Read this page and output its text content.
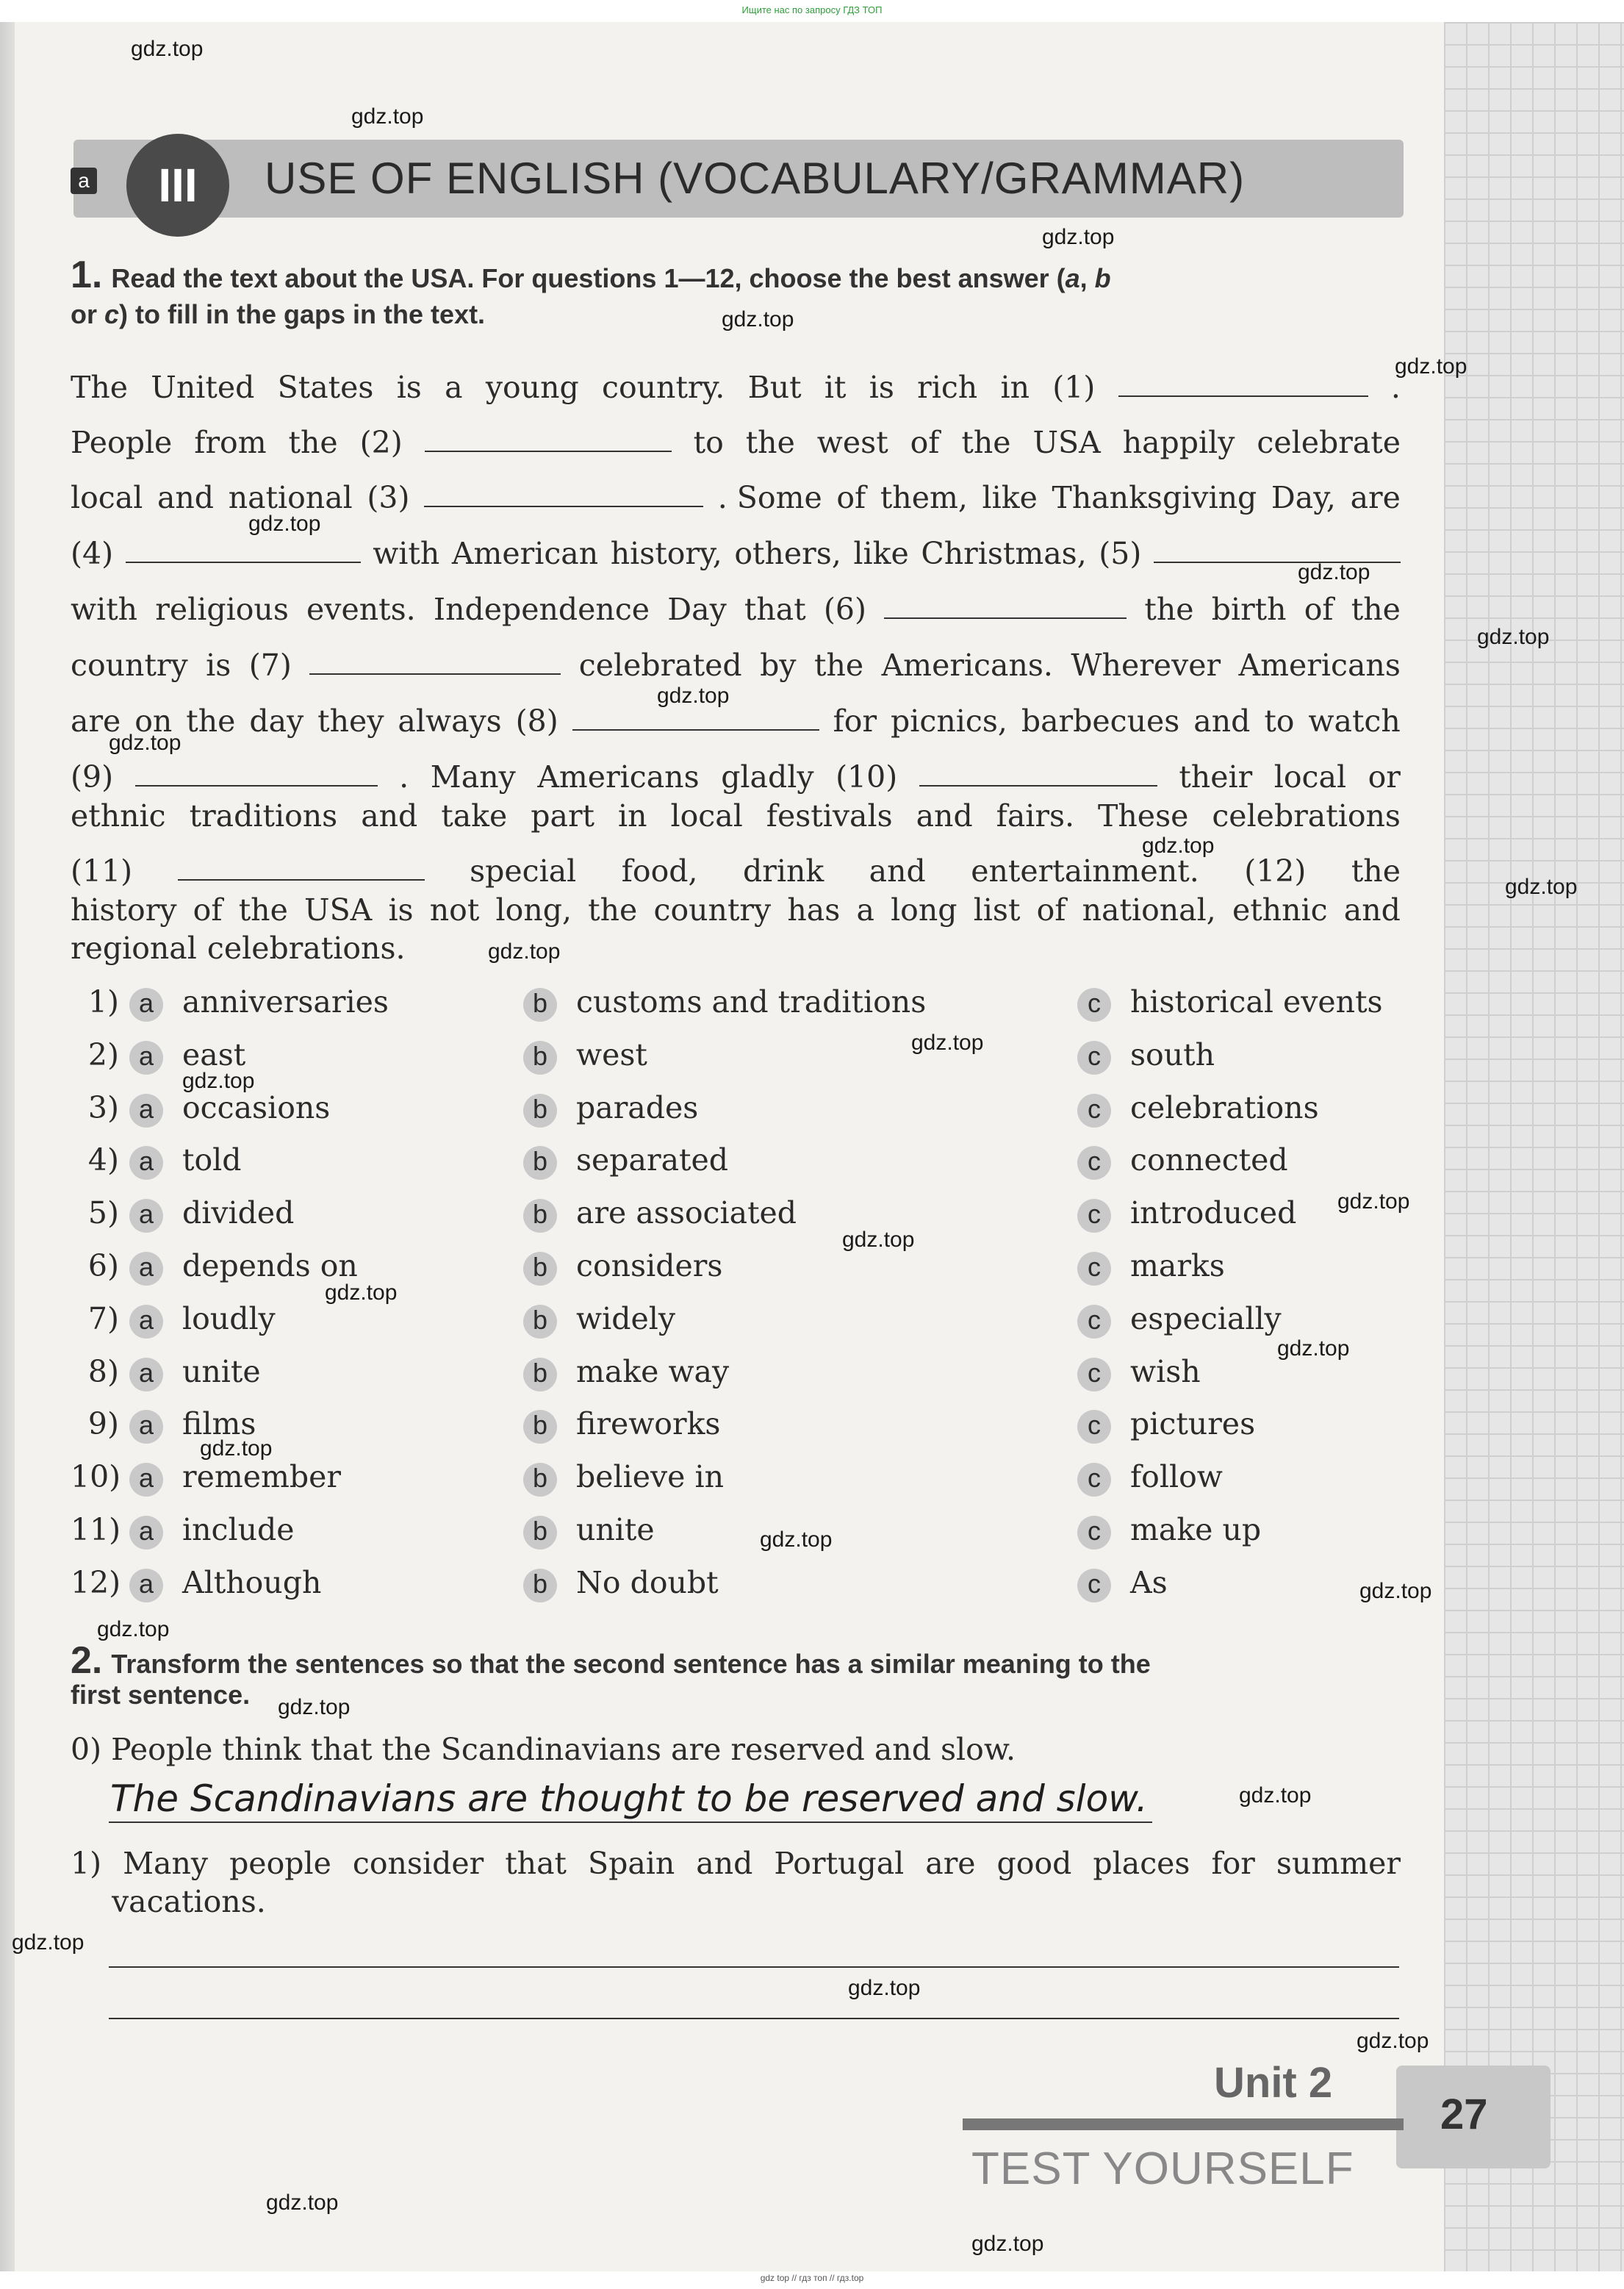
Ищите нас по запросу ГДЗ ТОП
a	III	USE OF ENGLISH (VOCABULARY/GRAMMAR)
1. Read the text about the USA. For questions 1—12, choose the best answer (a, b
or c) to fill in the gaps in the text.
The United States is a young country. But it is rich in (1)	.
People from the (2)	to the west of the USA happily celebrate
local and national (3)	. Some of them, like Thanksgiving Day, are
(4)	with American history, others, like Christmas, (5)
with religious events. Independence Day that (6)	the birth of the
country is (7)	celebrated by the Americans. Wherever Americans
are on the day they always (8)	for picnics, barbecues and to watch
(9)	. Many Americans gladly (10)	their local or
ethnic traditions and take part in local festivals and fairs. These celebrations
(11)	special food, drink and entertainment. (12) the
history of the USA is not long, the country has a long list of national, ethnic and
regional celebrations.
1) a anniversaries	b customs and traditions	c historical events
2) a east	b west	c south
3) a occasions	b parades	c celebrations
4) a told	b separated	c connected
5) a divided	b are associated	c introduced
6) a depends on	b considers	c marks
7) a loudly	b widely	c especially
8) a unite	b make way	c wish
9) a films	b fireworks	c pictures
10) a remember	b believe in	c follow
11) a include	b unite	c make up
12) a Although	b No doubt	c As
2. Transform the sentences so that the second sentence has a similar meaning to the
first sentence.
0) People think that the Scandinavians are reserved and slow.
The Scandinavians are thought to be reserved and slow.
1) Many people consider that Spain and Portugal are good places for summer
vacations.
Unit 2
27
TEST YOURSELF
gdz.top
gdz.top
gdz.top
gdz.top
gdz.top
gdz.top
gdz.top
gdz.top
gdz.top
gdz.top
gdz.top
gdz.top
gdz.top
gdz.top
gdz.top
gdz.top
gdz.top
gdz.top
gdz.top
gdz.top
gdz.top
gdz.top
gdz.top
gdz.top
gdz.top
gdz.top
gdz.top
gdz.top
gdz.top
gdz.top
gdz top // гдз топ // гдз.top
